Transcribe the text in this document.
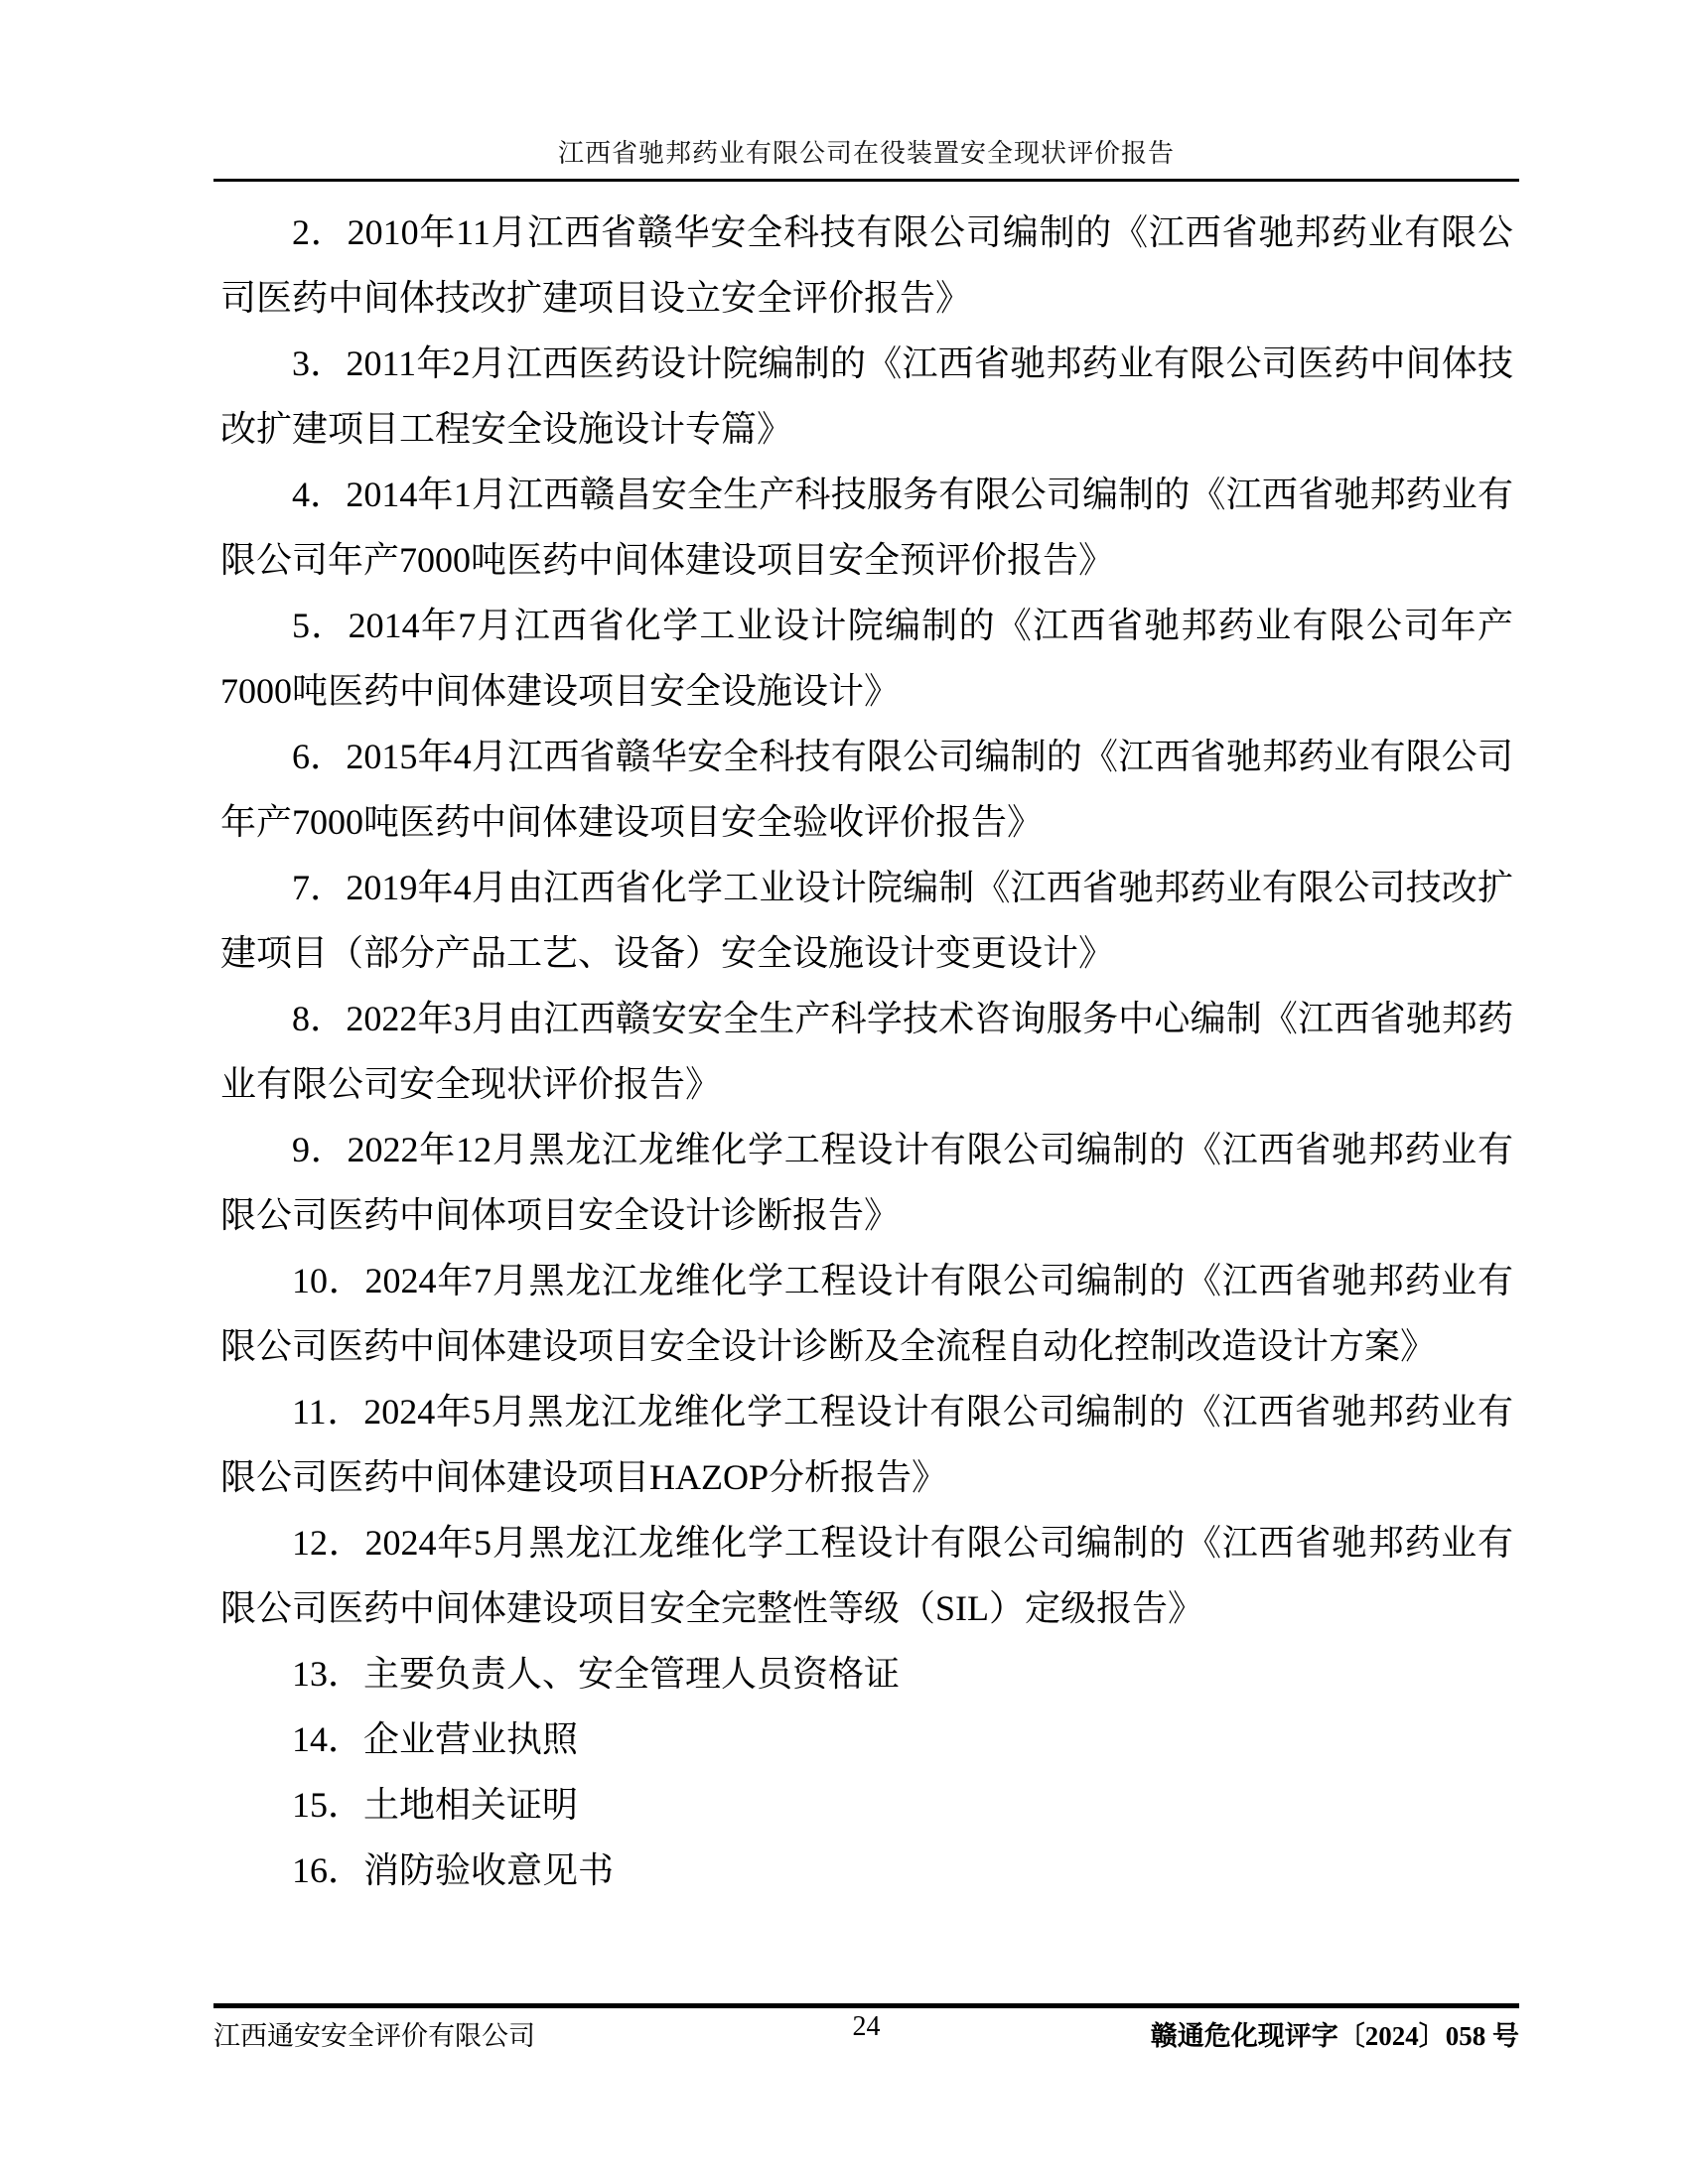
江西省驰邦药业有限公司在役装置安全现状评价报告

2．2010年11月江西省赣华安全科技有限公司编制的《江西省驰邦药业有限公司医药中间体技改扩建项目设立安全评价报告》

3．2011年2月江西医药设计院编制的《江西省驰邦药业有限公司医药中间体技改扩建项目工程安全设施设计专篇》

4．2014年1月江西赣昌安全生产科技服务有限公司编制的《江西省驰邦药业有限公司年产7000吨医药中间体建设项目安全预评价报告》

5．2014年7月江西省化学工业设计院编制的《江西省驰邦药业有限公司年产7000吨医药中间体建设项目安全设施设计》

6．2015年4月江西省赣华安全科技有限公司编制的《江西省驰邦药业有限公司年产7000吨医药中间体建设项目安全验收评价报告》

7．2019年4月由江西省化学工业设计院编制《江西省驰邦药业有限公司技改扩建项目（部分产品工艺、设备）安全设施设计变更设计》

8．2022年3月由江西赣安安全生产科学技术咨询服务中心编制《江西省驰邦药业有限公司安全现状评价报告》

9．2022年12月黑龙江龙维化学工程设计有限公司编制的《江西省驰邦药业有限公司医药中间体项目安全设计诊断报告》

10．2024年7月黑龙江龙维化学工程设计有限公司编制的《江西省驰邦药业有限公司医药中间体建设项目安全设计诊断及全流程自动化控制改造设计方案》

11．2024年5月黑龙江龙维化学工程设计有限公司编制的《江西省驰邦药业有限公司医药中间体建设项目HAZOP分析报告》

12．2024年5月黑龙江龙维化学工程设计有限公司编制的《江西省驰邦药业有限公司医药中间体建设项目安全完整性等级（SIL）定级报告》

13．主要负责人、安全管理人员资格证

14．企业营业执照

15．土地相关证明

16．消防验收意见书

江西通安安全评价有限公司	24	赣通危化现评字〔2024〕058 号
